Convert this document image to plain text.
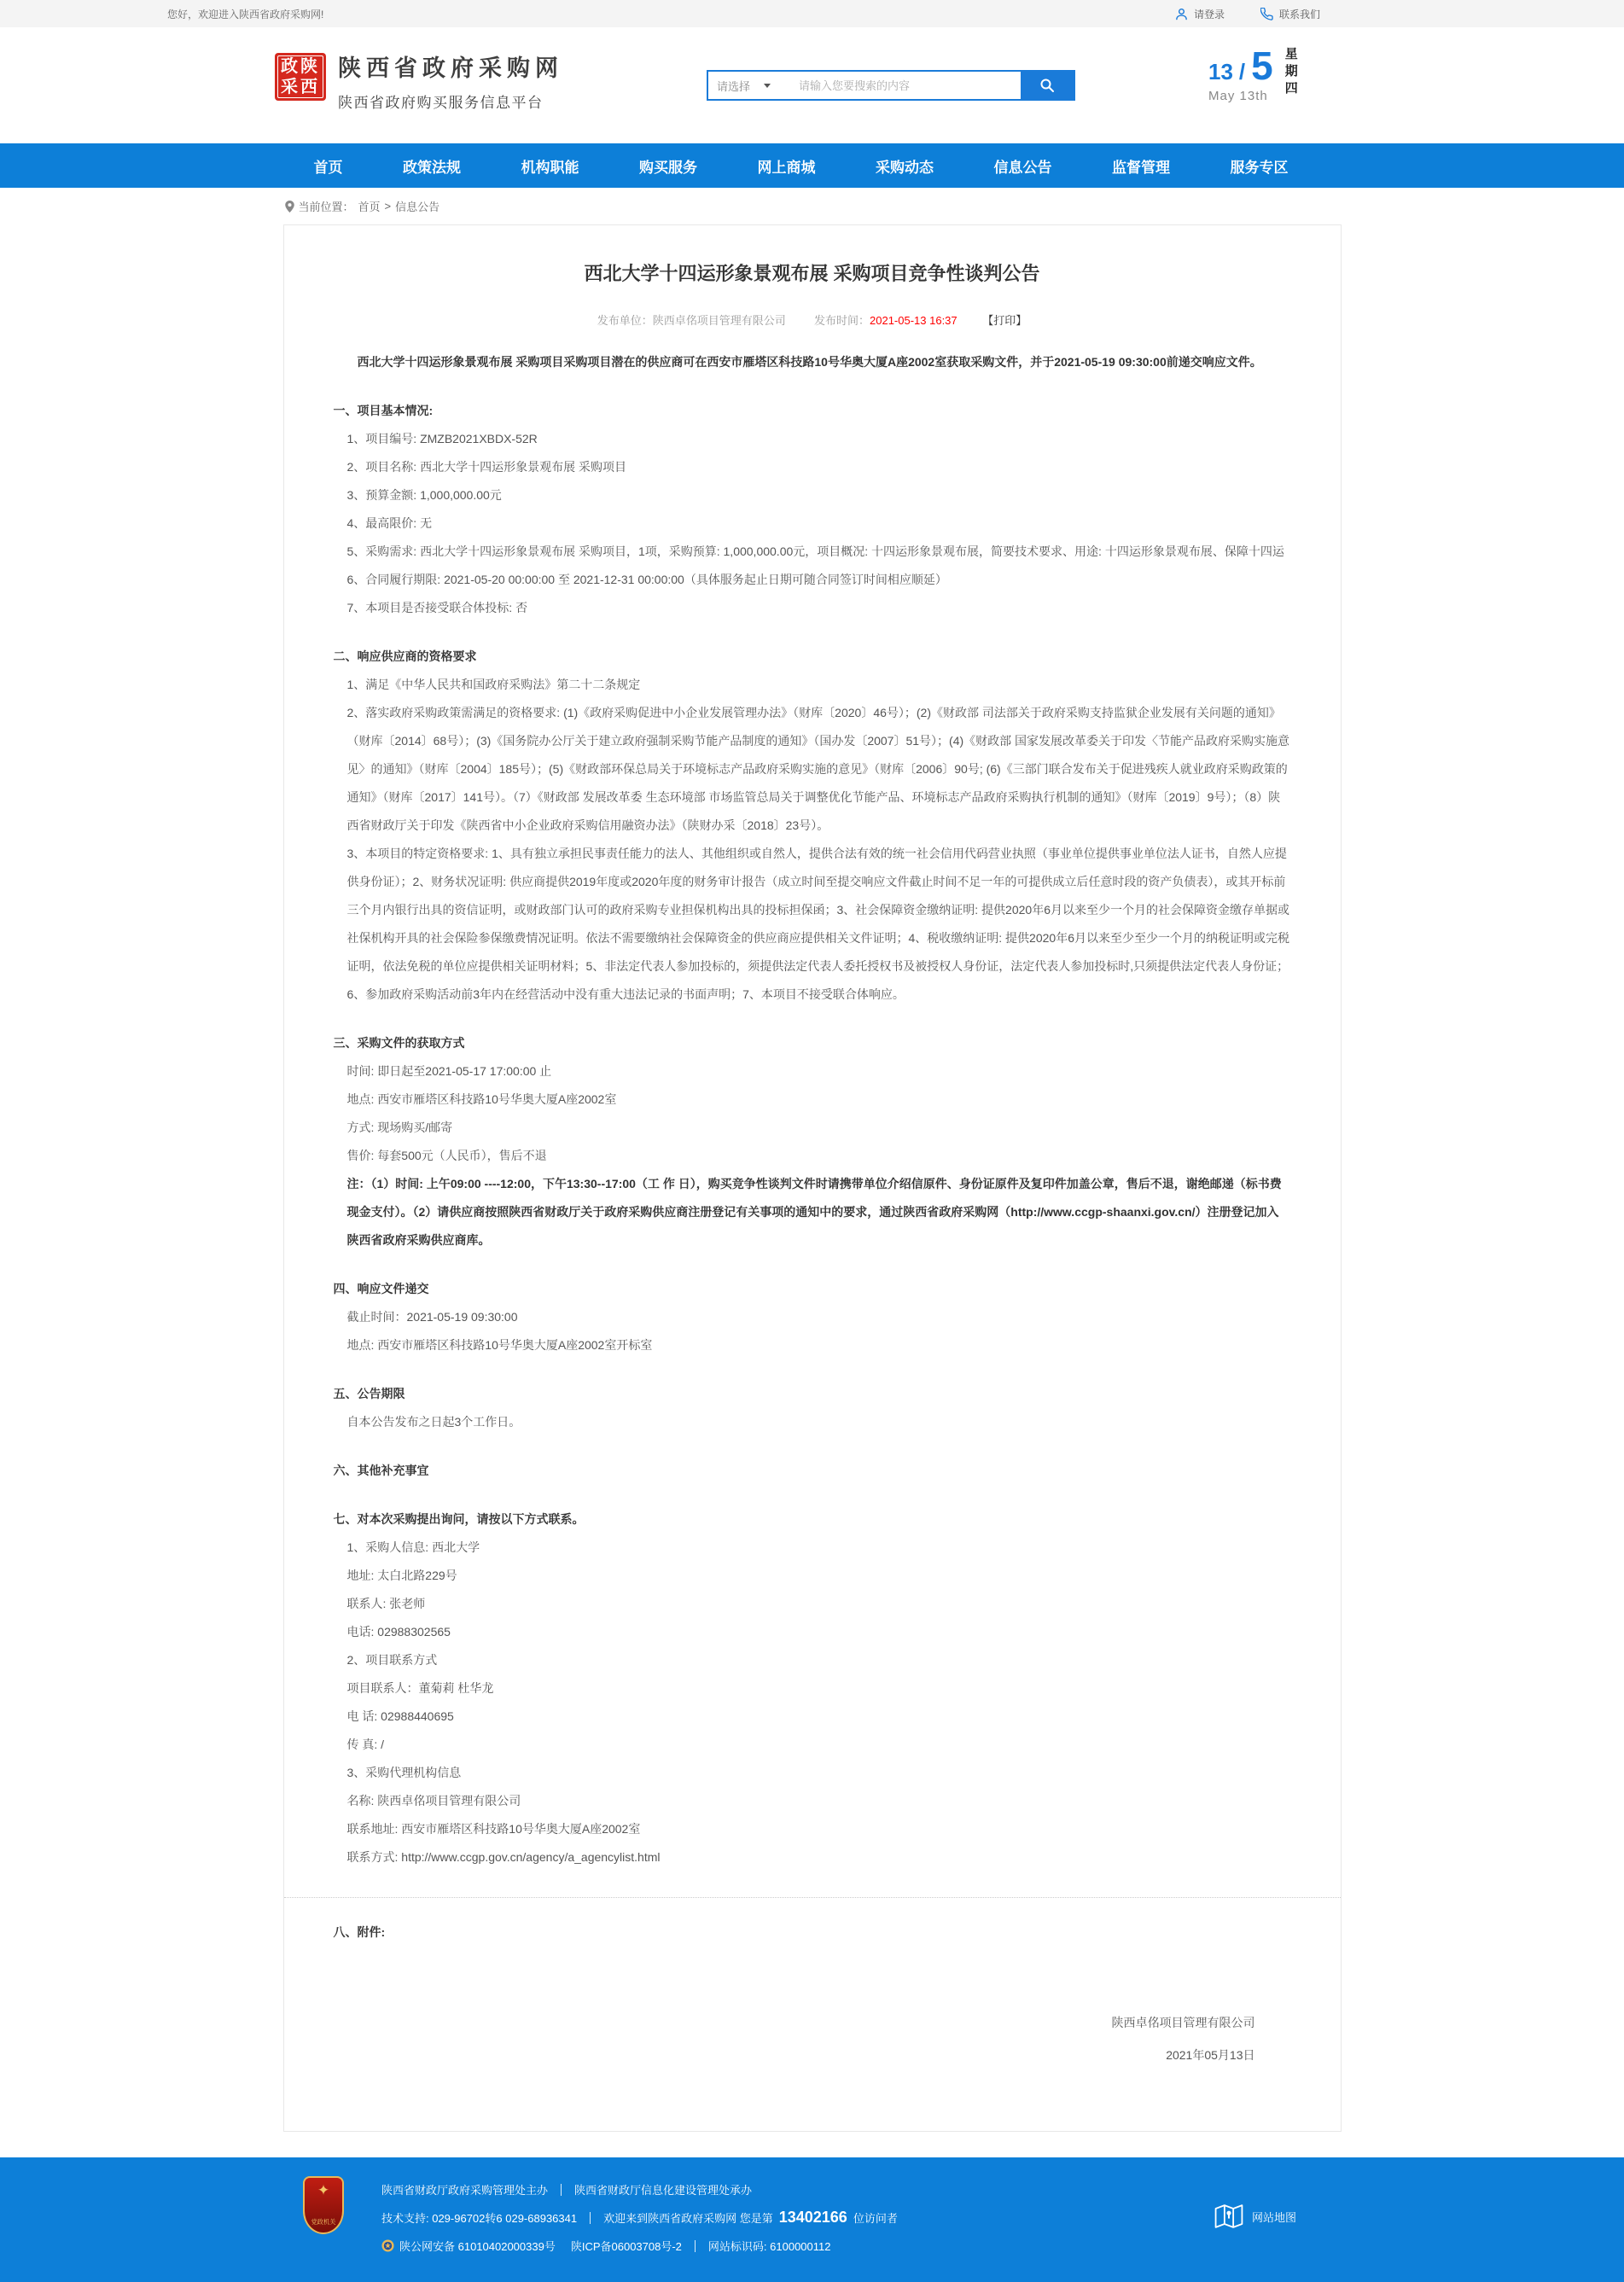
您好，欢迎进入陕西省政府采购网!	请登录	联系我们
政陕
采西
陕西省政府采购网
陕西省政府购买服务信息平台
请选择
请输入您要搜索的内容
13 / 5
May 13th
星期四
首页	政策法规	机构职能	购买服务	网上商城	采购动态	信息公告	监督管理	服务专区
当前位置： 首页 > 信息公告
西北大学十四运形象景观布展 采购项目竞争性谈判公告
发布单位：陕西卓佲项目管理有限公司	发布时间：2021-05-13 16:37 【打印】
西北大学十四运形象景观布展 采购项目采购项目潜在的供应商可在西安市雁塔区科技路10号华奥大厦A座2002室获取采购文件，并于2021-05-19 09:30:00前递交响应文件。
一、项目基本情况:
1、项目编号: ZMZB2021XBDX-52R
2、项目名称: 西北大学十四运形象景观布展 采购项目
3、预算金额: 1,000,000.00元
4、最高限价: 无
5、采购需求: 西北大学十四运形象景观布展 采购项目，1项，采购预算: 1,000,000.00元，项目概况: 十四运形象景观布展，简要技术要求、用途: 十四运形象景观布展、保障十四运
6、合同履行期限: 2021-05-20 00:00:00 至 2021-12-31 00:00:00（具体服务起止日期可随合同签订时间相应顺延）
7、本项目是否接受联合体投标: 否
二、响应供应商的资格要求
1、满足《中华人民共和国政府采购法》第二十二条规定
2、落实政府采购政策需满足的资格要求: (1)《政府采购促进中小企业发展管理办法》（财库〔2020〕46号）；(2)《财政部 司法部关于政府采购支持监狱企业发展有关问题的通知》（财库〔2014〕68号）；(3)《国务院办公厅关于建立政府强制采购节能产品制度的通知》（国办发〔2007〕51号）；(4)《财政部 国家发展改革委关于印发〈节能产品政府采购实施意见〉的通知》（财库〔2004〕185号）；(5)《财政部环保总局关于环境标志产品政府采购实施的意见》（财库〔2006〕90号; (6)《三部门联合发布关于促进残疾人就业政府采购政策的通知》（财库〔2017〕141号）。（7）《财政部 发展改革委 生态环境部 市场监管总局关于调整优化节能产品、环境标志产品政府采购执行机制的通知》（财库〔2019〕9号）；（8）陕西省财政厅关于印发《陕西省中小企业政府采购信用融资办法》（陕财办采〔2018〕23号）。
3、本项目的特定资格要求: 1、具有独立承担民事责任能力的法人、其他组织或自然人，提供合法有效的统一社会信用代码营业执照（事业单位提供事业单位法人证书，自然人应提供身份证）；2、财务状况证明: 供应商提供2019年度或2020年度的财务审计报告（成立时间至提交响应文件截止时间不足一年的可提供成立后任意时段的资产负债表），或其开标前三个月内银行出具的资信证明，或财政部门认可的政府采购专业担保机构出具的投标担保函；3、社会保障资金缴纳证明: 提供2020年6月以来至少一个月的社会保障资金缴存单据或社保机构开具的社会保险参保缴费情况证明。依法不需要缴纳社会保障资金的供应商应提供相关文件证明；4、税收缴纳证明: 提供2020年6月以来至少至少一个月的纳税证明或完税证明，依法免税的单位应提供相关证明材料；5、非法定代表人参加投标的，须提供法定代表人委托授权书及被授权人身份证，法定代表人参加投标时,只须提供法定代表人身份证；6、参加政府采购活动前3年内在经营活动中没有重大违法记录的书面声明；7、本项目不接受联合体响应。
三、采购文件的获取方式
时间: 即日起至2021-05-17 17:00:00 止
地点: 西安市雁塔区科技路10号华奥大厦A座2002室
方式: 现场购买/邮寄
售价: 每套500元（人民币），售后不退
注：（1）时间: 上午09:00 ----12:00，下午13:30--17:00（工 作 日），购买竞争性谈判文件时请携带单位介绍信原件、身份证原件及复印件加盖公章，售后不退，谢绝邮递（标书费现金支付）。（2）请供应商按照陕西省财政厅关于政府采购供应商注册登记有关事项的通知中的要求，通过陕西省政府采购网（http://www.ccgp-shaanxi.gov.cn/）注册登记加入陕西省政府采购供应商库。
四、响应文件递交
截止时间：2021-05-19 09:30:00
地点: 西安市雁塔区科技路10号华奥大厦A座2002室开标室
五、公告期限
自本公告发布之日起3个工作日。
六、其他补充事宜
七、对本次采购提出询问，请按以下方式联系。
1、采购人信息: 西北大学
地址: 太白北路229号
联系人: 张老师
电话: 02988302565
2、项目联系方式
项目联系人：董菊莉 杜华龙
电 话: 02988440695
传 真: /
3、采购代理机构信息
名称: 陕西卓佲项目管理有限公司
联系地址: 西安市雁塔区科技路10号华奥大厦A座2002室
联系方式: http://www.ccgp.gov.cn/agency/a_agencylist.html
八、附件:
陕西卓佲项目管理有限公司
2021年05月13日
✦
党政机关
陕西省财政厅政府采购管理处主办 陕西省财政厅信息化建设管理处承办
技术支持: 029-96702转6 029-68936341 欢迎来到陕西省政府采购网 您是第 13402166 位访问者
陕公网安备 61010402000339号 陕ICP备06003708号-2 网站标识码: 6100000112
网站地图
